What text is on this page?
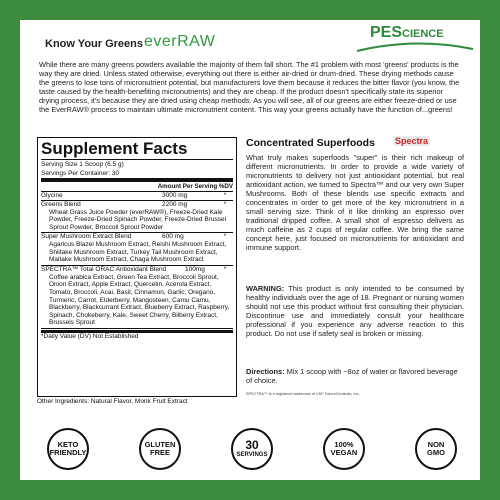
Know Your Greens everRAW
PESCIENCE
While there are many greens powders available the majority of them fall short. The #1 problem with most 'greens' products is the way they are dried. Unless stated otherwise, everything out there is either air-dried or drum-dried. These drying methods cause the greens to lose tons of micronutrient potential, but manufacturers love them because it reduces the bitter flavor (you know, the taste caused by the health-benefiting micronutrients) and they are cheap. If the product doesn't specifically state its superior drying process, it's because they are dried using cheap methods. As you will see, all of our greens are either freeze-dried or use the EverRAW® process to maintain ultimate micronutrient content. This way your greens actually have the function of...greens!
Supplement Facts
Serving Size 1 Scoop (6.5 g)
Servings Per Container: 30
Amount Per Serving %DV
Glycine	3000 mg	*
Greens Blend	2200 mg	*
Wheat Grass Juice Powder (everRAW®), Freeze-Dried Kale Powder, Freeze-Dried Spinach Powder, Freeze-Dried Brussel Sprout Powder, Broccoli Sprout Powder
Super Mushroom Extract Blend	600 mg	*
Agaricus Blazei Mushroom Extract, Reishi Mushroom Extract, Shiitake Mushroom Extract, Turkey Tail Mushroom Extract, Maitake Mushroom Extract, Chaga Mushroom Extract
SPECTRA™ Total ORAC Antioxidant Blend	100mg	*
Coffee arabica Extract, Green Tea Extract, Broccoli Sprout, Onion Extract, Apple Extract, Quercetin, Acerola Extract, Tomato, Broccoli, Acai, Basil, Cinnamon, Garlic, Oregano, Turmeric, Carrot, Elderberry, Mangosteen, Camu Camu, Blackberry, Blackcurrant Extract, Blueberry Extract, Raspberry, Spinach, Chokeberry, Kale, Sweet Cherry, Bilberry Extract, Brussels Sprout
*Daily Value (DV) Not Established
Other Ingredients: Natural Flavor, Monk Fruit Extract
Concentrated Superfoods Spectra
What truly makes superfoods "super" is their rich makeup of different micronutrients. In order to provide a wide variety of micronutrients to delivery not just antioxidant potential, but real antioxidant action, we turned to Spectra™ and our very own Super Mushrooms. Both of these blends use specific extracts and concentrates in order to get more of the key micronutrient in a small serving size. Think of it like drinking an espresso over traditional dripped coffee. A small shot of espresso delivers as much caffeine as 2 cups of regular coffee. We bring the same concept here, just focused on micronutrients for antioxidant and immune support.
WARNING: This product is only intended to be consumed by healthy individuals over the age of 18. Pregnant or nursing women should not use this product without first consulting their physician. Discontinue use and immediately consult your healthcare professional if you experience any adverse reaction to this product. Do not use if safety seal is broken or missing.
Directions: Mix 1 scoop with ~8oz of water or flavored beverage of choice.
SPECTRA™ is a registered trademark of VDF FutureCeuticals, Inc.
KETO
FRIENDLY
GLUTEN
FREE
30
SERVINGS
100%
VEGAN
NON
GMO
